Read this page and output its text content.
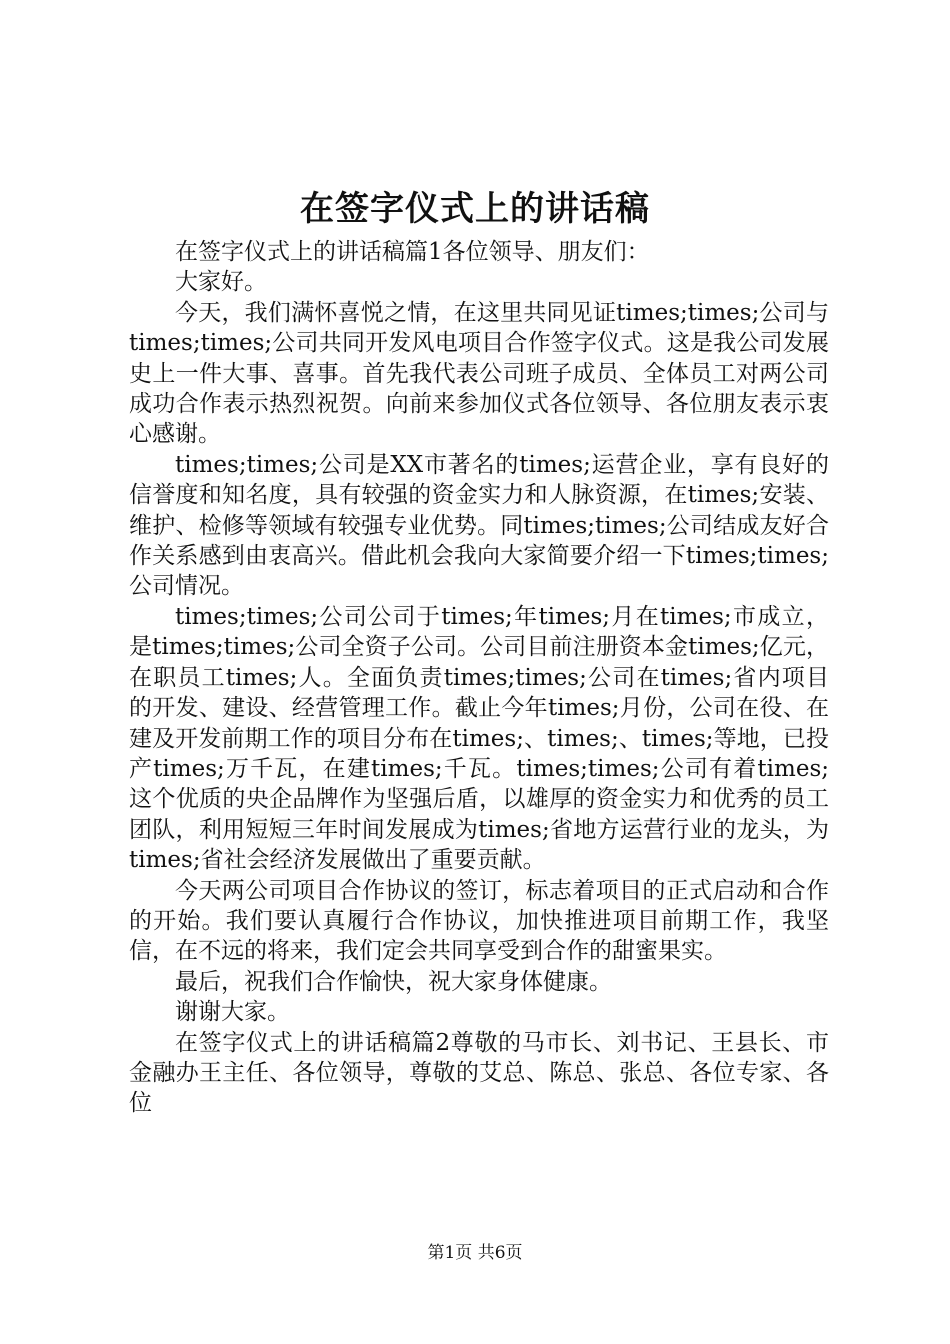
在签字仪式上的讲话稿

在签字仪式上的讲话稿篇1各位领导、朋友们：

大家好。

今天，我们满怀喜悦之情，在这里共同见证times;times;公司与times;times;公司共同开发风电项目合作签字仪式。这是我公司发展史上一件大事、喜事。首先我代表公司班子成员、全体员工对两公司成功合作表示热烈祝贺。向前来参加仪式各位领导、各位朋友表示衷心感谢。

times;times;公司是XX市著名的times;运营企业，享有良好的信誉度和知名度，具有较强的资金实力和人脉资源，在times;安装、维护、检修等领域有较强专业优势。同times;times;公司结成友好合作关系感到由衷高兴。借此机会我向大家简要介绍一下times;times;公司情况。

times;times;公司公司于times;年times;月在times;市成立，是times;times;公司全资子公司。公司目前注册资本金times;亿元，在职员工times;人。全面负责times;times;公司在times;省内项目的开发、建设、经营管理工作。截止今年times;月份，公司在役、在建及开发前期工作的项目分布在times;、times;、times;等地，已投产times;万千瓦，在建times;千瓦。times;times;公司有着times;这个优质的央企品牌作为坚强后盾，以雄厚的资金实力和优秀的员工团队，利用短短三年时间发展成为times;省地方运营行业的龙头，为times;省社会经济发展做出了重要贡献。

今天两公司项目合作协议的签订，标志着项目的正式启动和合作的开始。我们要认真履行合作协议，加快推进项目前期工作，我坚信，在不远的将来，我们定会共同享受到合作的甜蜜果实。

最后，祝我们合作愉快，祝大家身体健康。

谢谢大家。

在签字仪式上的讲话稿篇2尊敬的马市长、刘书记、王县长、市金融办王主任、各位领导，尊敬的艾总、陈总、张总、各位专家、各位

第1页 共6页
